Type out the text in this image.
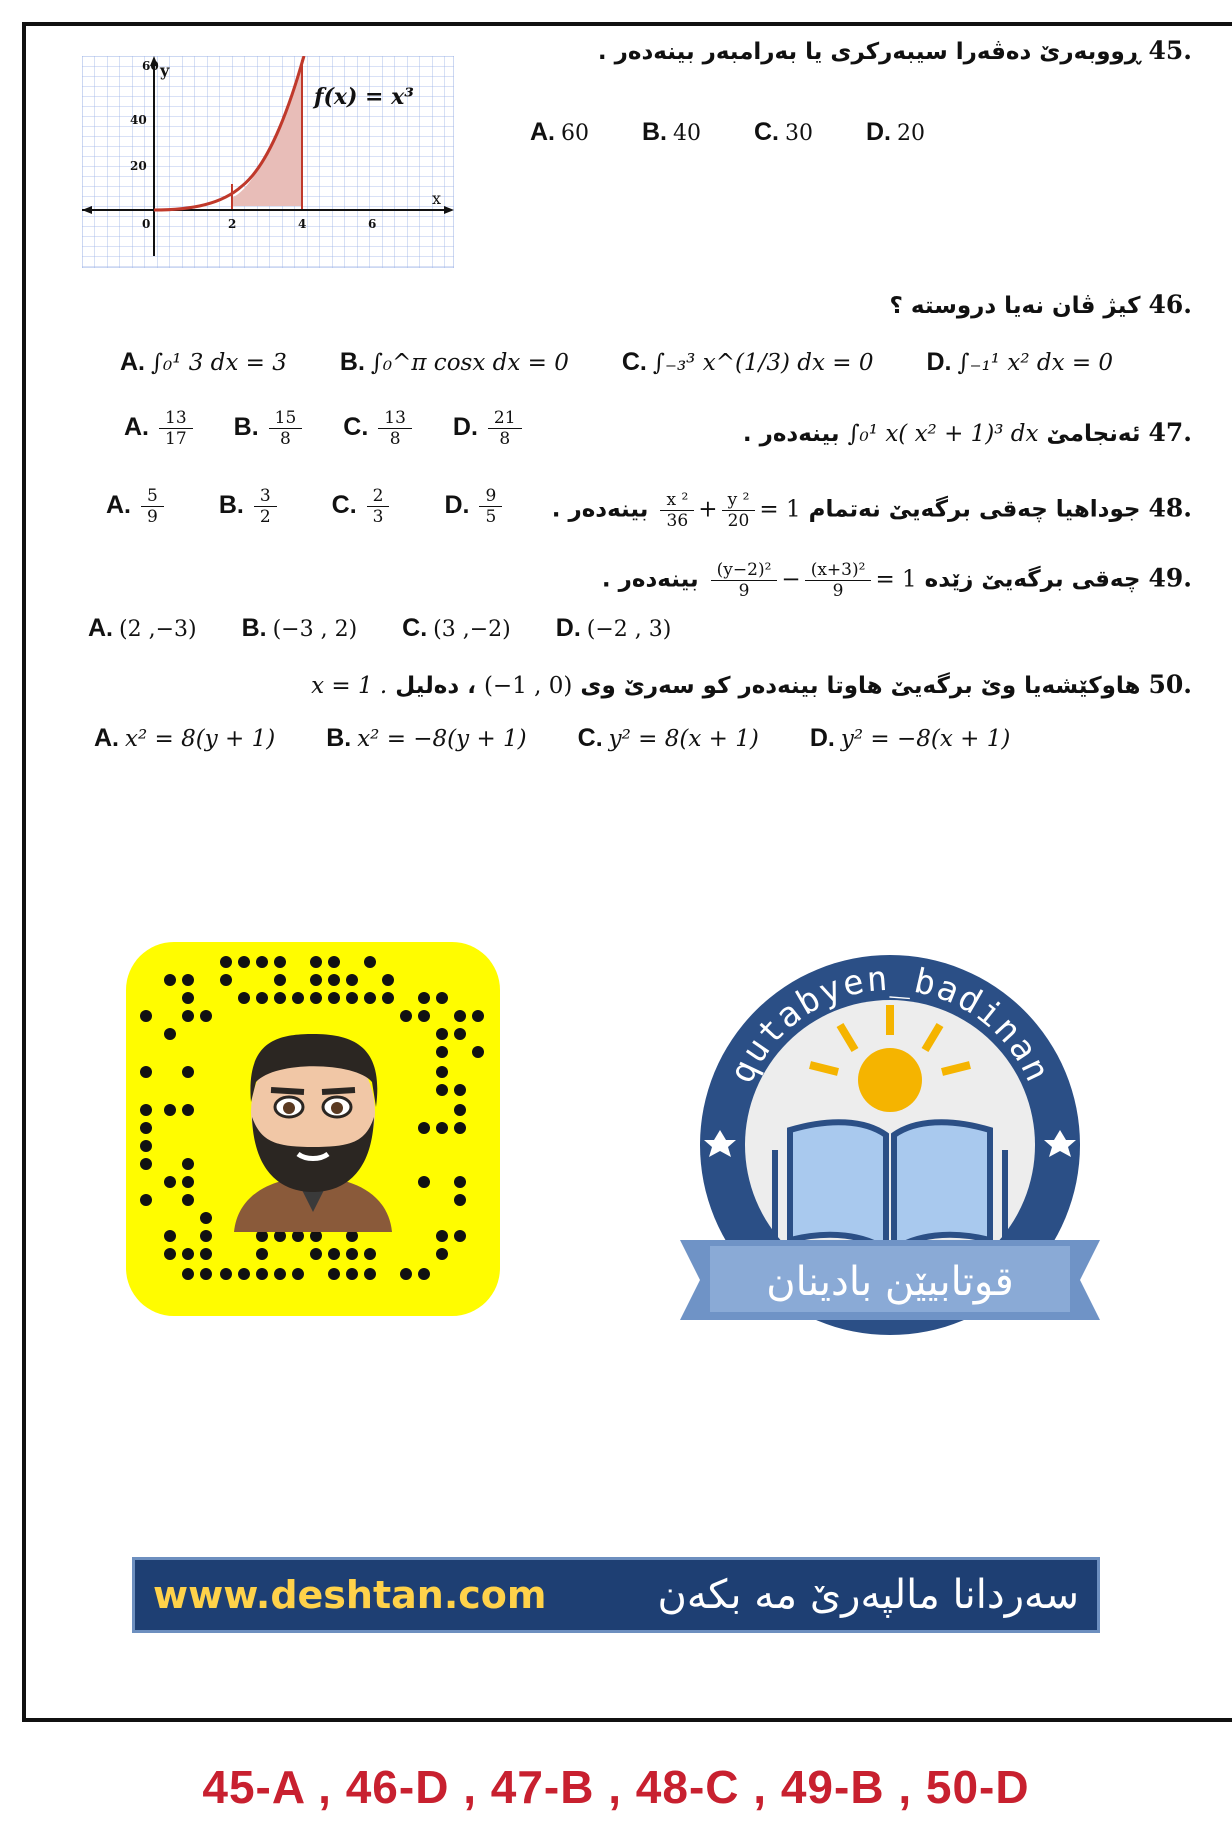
.45 ڕووبەرێ دەڤەرا سیبەرکری یا بەرامبەر بینەدەر .
60 y
40
20
0	2	4	6
x
f(x) = x³
A. 60 B. 40 C. 30 D. 20
.46 کیژ ڤان نەیا دروستە ؟
A. ∫₀¹ 3 dx = 3 B. ∫₀^π cosx dx = 0 C. ∫₋₃³ x^(1/3) dx = 0 D. ∫₋₁¹ x² dx = 0
.47 ئەنجامێ ∫₀¹ x( x² + 1)³ dx بینەدەر .
A. $\frac{13}{17} B$. $\frac{15}{8} C$. $\frac{13}{8} D$. $\frac{21}{8}$
.48 جوداهیا چەقی برگەیێ نەتمام
$\frac{\text{x ²}}{36} + \frac{\text{y ²}}{20} = 1$ بینەدەر .
A. $\frac{5}{9} B$. $\frac{3}{2} C$. $\frac{2}{3} D$. $\frac{9}{5}$
.49 چەقی برگەیێ زێدە
$\frac{\text{(y−2)²}}{9} - \frac{\text{(x+3)²}}{9} = 1$ بینەدەر .
A. (2 ,−3) B. (−3 , 2) C. (3 ,−2) D. (−2 , 3)
.50 هاوکێشەیا وێ برگەیێ هاوتا بینەدەر کو سەرێ وی (−1 , 0) ، دەلیل x = 1 .
A. x² = 8(y + 1) B. x² = −8(y + 1) C. y² = 8(x + 1) D. y² = −8(x + 1)
qutabyen_badinan
قوتابیێن بادینان
www.deshtan.com	سەردانا مالپەرێ مە بکەن
45-A , 46-D , 47-B , 48-C , 49-B , 50-D
